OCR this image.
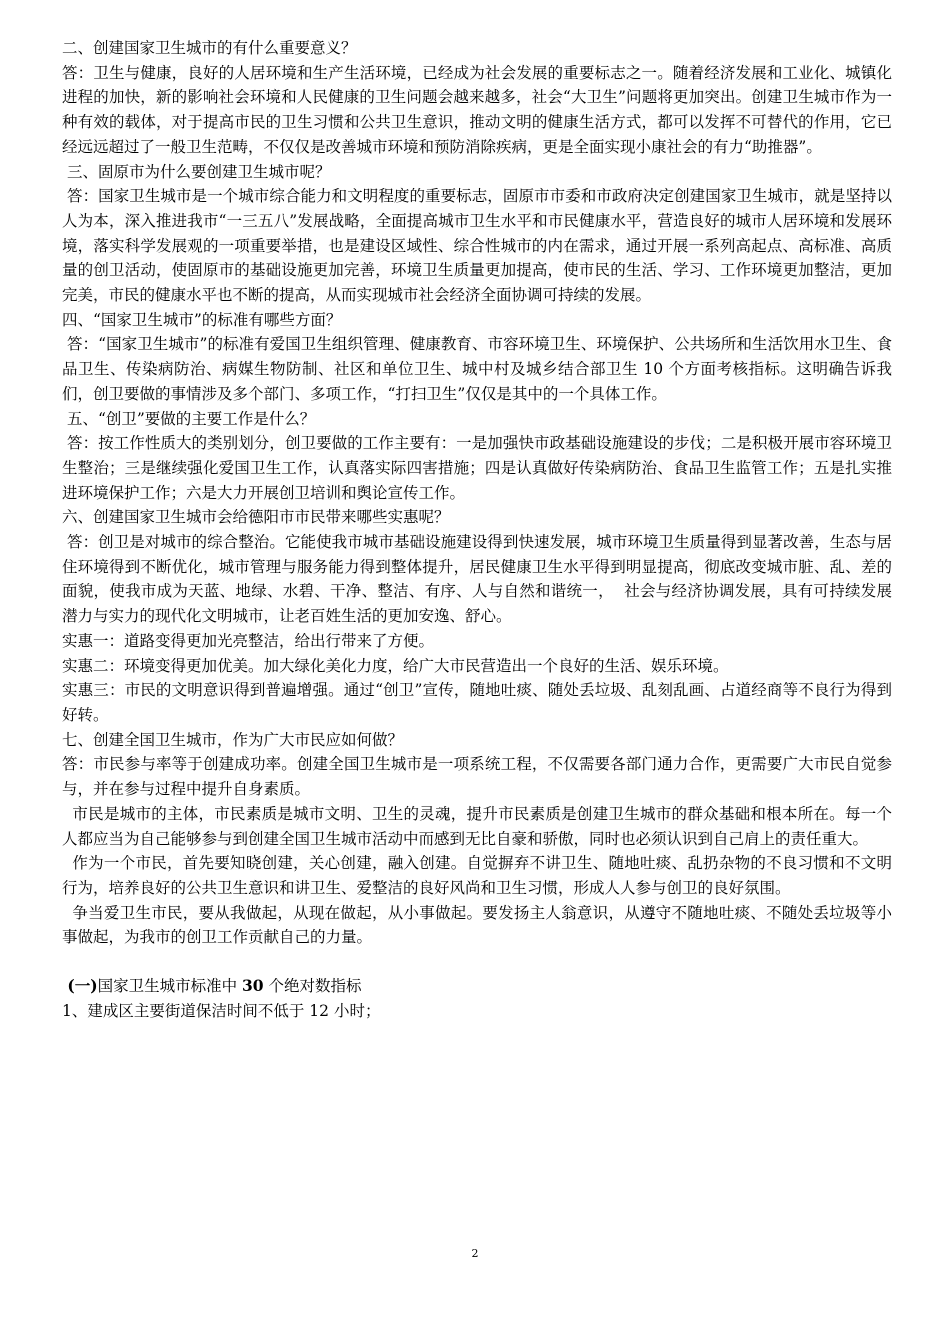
二、创建国家卫生城市的有什么重要意义？

答：卫生与健康，良好的人居环境和生产生活环境，已经成为社会发展的重要标志之一。随着经济发展和工业化、城镇化进程的加快，新的影响社会环境和人民健康的卫生问题会越来越多，社会“大卫生”问题将更加突出。创建卫生城市作为一种有效的载体，对于提高市民的卫生习惯和公共卫生意识，推动文明的健康生活方式，都可以发挥不可替代的作用，它已经远远超过了一般卫生范畴，不仅仅是改善城市环境和预防消除疾病，更是全面实现小康社会的有力“助推器”。

三、固原市为什么要创建卫生城市呢？

答：国家卫生城市是一个城市综合能力和文明程度的重要标志，固原市市委和市政府决定创建国家卫生城市，就是坚持以人为本，深入推进我市“一三五八”发展战略，全面提高城市卫生水平和市民健康水平，营造良好的城市人居环境和发展环境，落实科学发展观的一项重要举措，也是建设区域性、综合性城市的内在需求，通过开展一系列高起点、高标准、高质量的创卫活动，使固原市的基础设施更加完善，环境卫生质量更加提高，使市民的生活、学习、工作环境更加整洁，更加完美，市民的健康水平也不断的提高，从而实现城市社会经济全面协调可持续的发展。

四、“国家卫生城市”的标准有哪些方面？

答：“国家卫生城市”的标准有爱国卫生组织管理、健康教育、市容环境卫生、环境保护、公共场所和生活饮用水卫生、食品卫生、传染病防治、病媒生物防制、社区和单位卫生、城中村及城乡结合部卫生 10 个方面考核指标。这明确告诉我们，创卫要做的事情涉及多个部门、多项工作，“打扫卫生”仅仅是其中的一个具体工作。

五、“创卫”要做的主要工作是什么？

答：按工作性质大的类别划分，创卫要做的工作主要有：一是加强快市政基础设施建设的步伐；二是积极开展市容环境卫生整治；三是继续强化爱国卫生工作，认真落实际四害措施；四是认真做好传染病防治、食品卫生监管工作；五是扎实推进环境保护工作；六是大力开展创卫培训和舆论宣传工作。

六、创建国家卫生城市会给德阳市市民带来哪些实惠呢？

答：创卫是对城市的综合整治。它能使我市城市基础设施建设得到快速发展，城市环境卫生质量得到显著改善，生态与居住环境得到不断优化，城市管理与服务能力得到整体提升，居民健康卫生水平得到明显提高，彻底改变城市脏、乱、差的面貌，使我市成为天蓝、地绿、水碧、干净、整洁、有序、人与自然和谐统一，  社会与经济协调发展，具有可持续发展潜力与实力的现代化文明城市，让老百姓生活的更加安逸、舒心。

实惠一：道路变得更加光亮整洁，给出行带来了方便。

实惠二：环境变得更加优美。加大绿化美化力度，给广大市民营造出一个良好的生活、娱乐环境。

实惠三：市民的文明意识得到普遍增强。通过“创卫”宣传，随地吐痰、随处丢垃圾、乱刻乱画、占道经商等不良行为得到好转。

七、创建全国卫生城市，作为广大市民应如何做？

答：市民参与率等于创建成功率。创建全国卫生城市是一项系统工程，不仅需要各部门通力合作，更需要广大市民自觉参与，并在参与过程中提升自身素质。

市民是城市的主体，市民素质是城市文明、卫生的灵魂，提升市民素质是创建卫生城市的群众基础和根本所在。每一个人都应当为自己能够参与到创建全国卫生城市活动中而感到无比自豪和骄傲，同时也必须认识到自己肩上的责任重大。

作为一个市民，首先要知晓创建，关心创建，融入创建。自觉摒弃不讲卫生、随地吐痰、乱扔杂物的不良习惯和不文明行为，培养良好的公共卫生意识和讲卫生、爱整洁的良好风尚和卫生习惯，形成人人参与创卫的良好氛围。

争当爱卫生市民，要从我做起，从现在做起，从小事做起。要发扬主人翁意识，从遵守不随地吐痰、不随处丢垃圾等小事做起，为我市的创卫工作贡献自己的力量。

(一)国家卫生城市标准中 30 个绝对数指标

1、建成区主要街道保洁时间不低于 12 小时；

2
